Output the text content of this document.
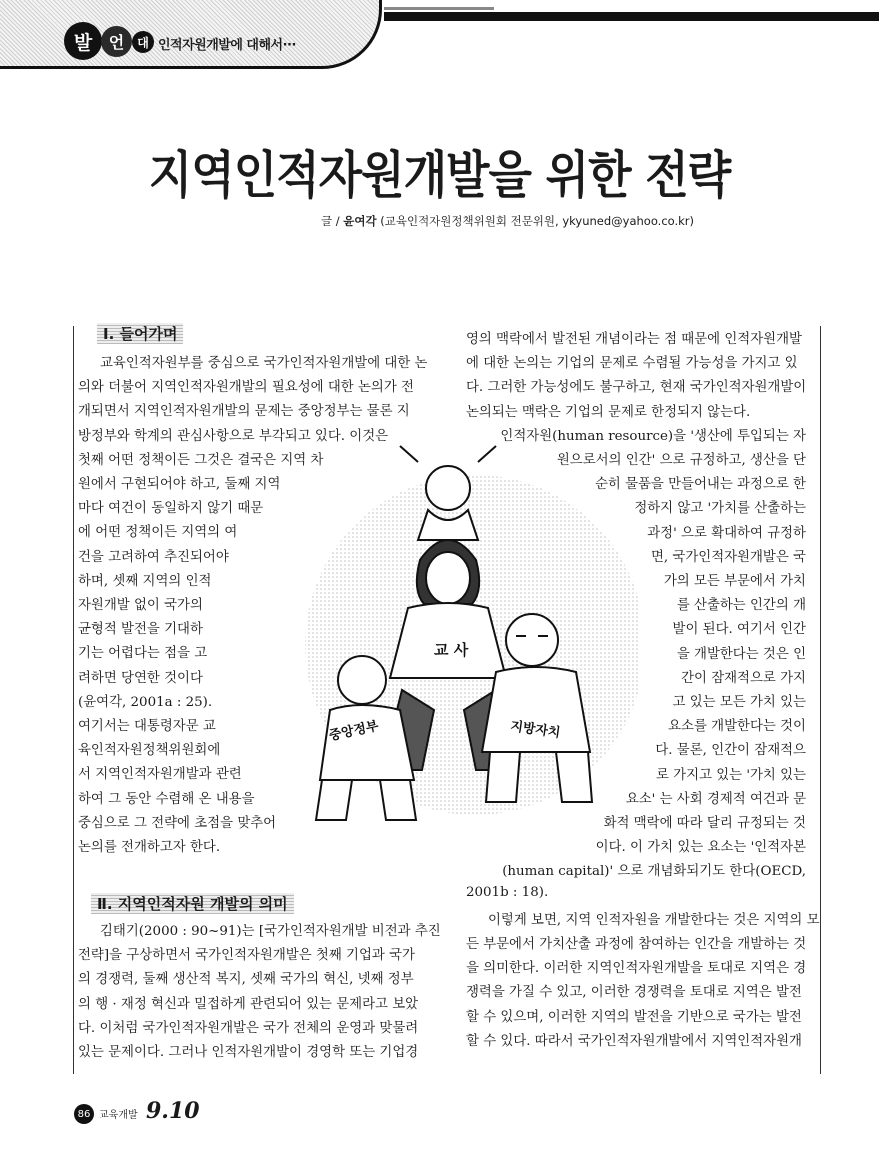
발	언	대 인적자원개발에 대해서···
지역인적자원개발을 위한 전략
글 / 윤여각 (교육인적자원정책위원회 전문위원, ykyuned@yahoo.co.kr)
교 사
중앙정부	지방자치
Ⅰ. 들어가며
Ⅱ. 지역인적자원 개발의 의미
86 교육개발 9.10
교육인적자원부를 중심으로 국가인적자원개발에 대한 논
의와 더불어 지역인적자원개발의 필요성에 대한 논의가 전
개되면서 지역인적자원개발의 문제는 중앙정부는 물론 지
방정부와 학계의 관심사항으로 부각되고 있다. 이것은
첫째 어떤 정책이든 그것은 결국은 지역 차
원에서 구현되어야 하고, 둘째 지역
마다 여건이 동일하지 않기 때문
에 어떤 정책이든 지역의 여
건을 고려하여 추진되어야
하며, 셋째 지역의 인적
자원개발 없이 국가의
균형적 발전을 기대하
기는 어렵다는 점을 고
려하면 당연한 것이다
(윤여각, 2001a : 25).
여기서는 대통령자문 교
육인적자원정책위원회에
서 지역인적자원개발과 관련
하여 그 동안 수렴해 온 내용을
중심으로 그 전략에 초점을 맞추어
논의를 전개하고자 한다.
김태기(2000 : 90~91)는 [국가인적자원개발 비전과 추진
전략]을 구상하면서 국가인적자원개발은 첫째 기업과 국가
의 경쟁력, 둘째 생산적 복지, 셋째 국가의 혁신, 넷째 정부
의 행 · 재정 혁신과 밀접하게 관련되어 있는 문제라고 보았
다. 이처럼 국가인적자원개발은 국가 전체의 운영과 맞물려
있는 문제이다. 그러나 인적자원개발이 경영학 또는 기업경
영의 맥락에서 발전된 개념이라는 점 때문에 인적자원개발
에 대한 논의는 기업의 문제로 수렴될 가능성을 가지고 있
다. 그러한 가능성에도 불구하고, 현재 국가인적자원개발이
논의되는 맥락은 기업의 문제로 한정되지 않는다.
인적자원(human resource)을 '생산에 투입되는 자
원으로서의 인간' 으로 규정하고, 생산을 단
순히 물품을 만들어내는 과정으로 한
정하지 않고 '가치를 산출하는
과정' 으로 확대하여 규정하
면, 국가인적자원개발은 국
가의 모든 부문에서 가치
를 산출하는 인간의 개
발이 된다. 여기서 인간
을 개발한다는 것은 인
간이 잠재적으로 가지
고 있는 모든 가치 있는
요소를 개발한다는 것이
다. 물론, 인간이 잠재적으
로 가지고 있는 '가치 있는
요소' 는 사회 경제적 여건과 문
화적 맥락에 따라 달리 규정되는 것
이다. 이 가치 있는 요소는 '인적자본
(human capital)' 으로 개념화되기도 한다(OECD,
2001b : 18).
이렇게 보면, 지역 인적자원을 개발한다는 것은 지역의 모
든 부문에서 가치산출 과정에 참여하는 인간을 개발하는 것
을 의미한다. 이러한 지역인적자원개발을 토대로 지역은 경
쟁력을 가질 수 있고, 이러한 경쟁력을 토대로 지역은 발전
할 수 있으며, 이러한 지역의 발전을 기반으로 국가는 발전
할 수 있다. 따라서 국가인적자원개발에서 지역인적자원개
